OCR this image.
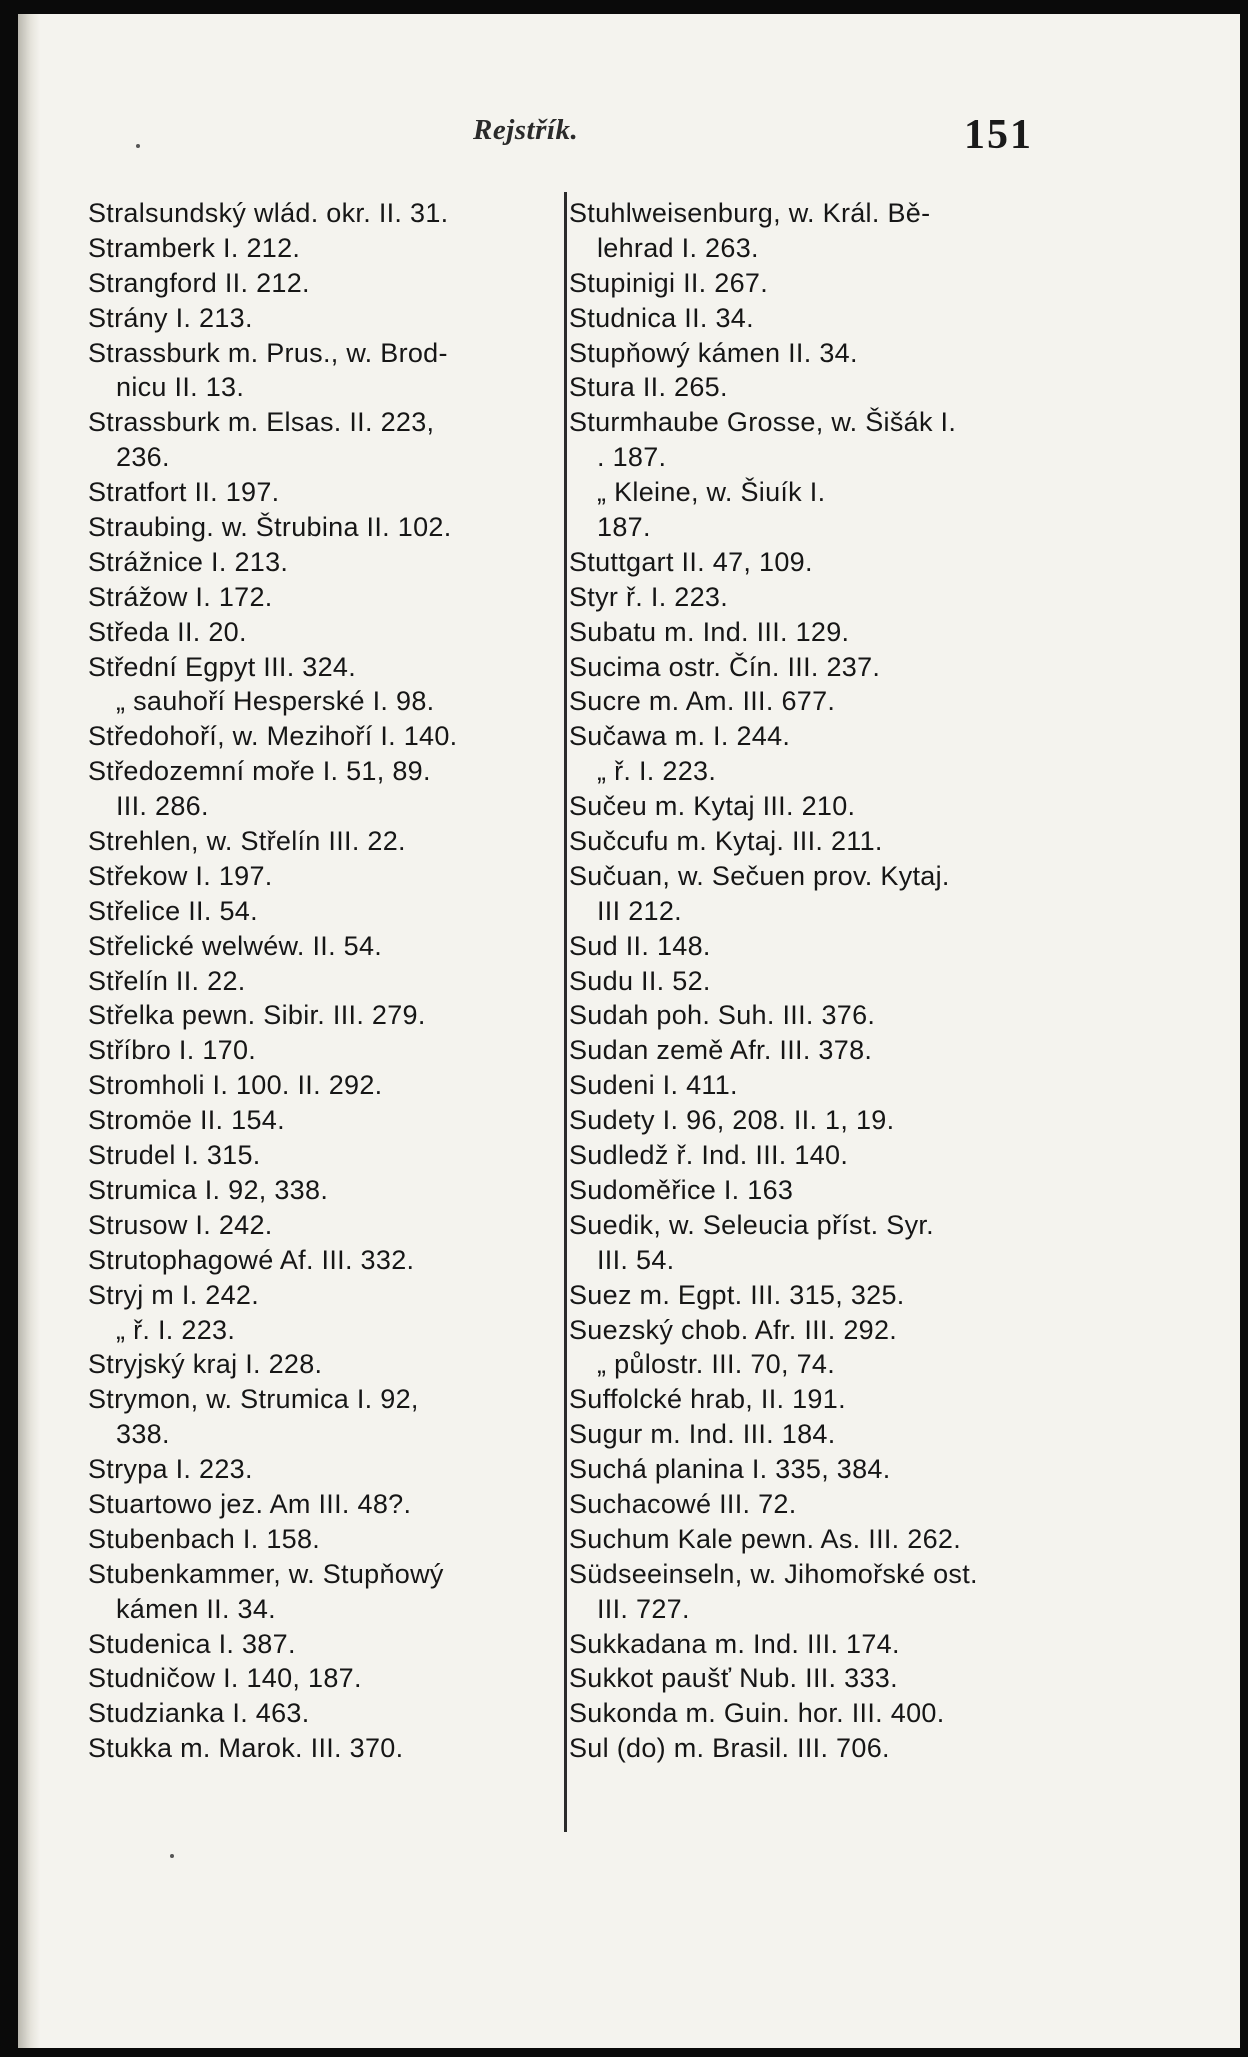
Rejstřík.	151
Stralsundský wlád. okr. II. 31.
Stramberk I. 212.
Strangford II. 212.
Strány I. 213.
Strassburk m. Prus., w. Brod-
nicu II. 13.
Strassburk m. Elsas. II. 223,
236.
Stratfort II. 197.
Straubing. w. Štrubina II. 102.
Strážnice I. 213.
Strážow I. 172.
Středa II. 20.
Střední Egpyt III. 324.
„ sauhoří Hesperské I. 98.
Středohoří, w. Mezihoří I. 140.
Středozemní moře I. 51, 89.
III. 286.
Strehlen, w. Střelín III. 22.
Střekow I. 197.
Střelice II. 54.
Střelické welwéw. II. 54.
Střelín II. 22.
Střelka pewn. Sibir. III. 279.
Stříbro I. 170.
Stromholi I. 100. II. 292.
Stromöe II. 154.
Strudel I. 315.
Strumica I. 92, 338.
Strusow I. 242.
Strutophagowé Af. III. 332.
Stryj m I. 242.
„ ř. I. 223.
Stryjský kraj I. 228.
Strymon, w. Strumica I. 92,
338.
Strypa I. 223.
Stuartowo jez. Am III. 48?.
Stubenbach I. 158.
Stubenkammer, w. Stupňowý
kámen II. 34.
Studenica I. 387.
Studničow I. 140, 187.
Studzianka I. 463.
Stukka m. Marok. III. 370.
Stuhlweisenburg, w. Král. Bě-
lehrad I. 263.
Stupinigi II. 267.
Studnica II. 34.
Stupňowý kámen II. 34.
Stura II. 265.
Sturmhaube Grosse, w. Šišák I.
. 187.
„ Kleine, w. Šiuík I.
187.
Stuttgart II. 47, 109.
Styr ř. I. 223.
Subatu m. Ind. III. 129.
Sucima ostr. Čín. III. 237.
Sucre m. Am. III. 677.
Sučawa m. I. 244.
„ ř. I. 223.
Sučeu m. Kytaj III. 210.
Sučcufu m. Kytaj. III. 211.
Sučuan, w. Sečuen prov. Kytaj.
III 212.
Sud II. 148.
Sudu II. 52.
Sudah poh. Suh. III. 376.
Sudan země Afr. III. 378.
Sudeni I. 411.
Sudety I. 96, 208. II. 1, 19.
Sudledž ř. Ind. III. 140.
Sudoměřice I. 163
Suedik, w. Seleucia příst. Syr.
III. 54.
Suez m. Egpt. III. 315, 325.
Suezský chob. Afr. III. 292.
„ půlostr. III. 70, 74.
Suffolcké hrab, II. 191.
Sugur m. Ind. III. 184.
Suchá planina I. 335, 384.
Suchacowé III. 72.
Suchum Kale pewn. As. III. 262.
Südseeinseln, w. Jihomořské ost.
III. 727.
Sukkadana m. Ind. III. 174.
Sukkot paušť Nub. III. 333.
Sukonda m. Guin. hor. III. 400.
Sul (do) m. Brasil. III. 706.
